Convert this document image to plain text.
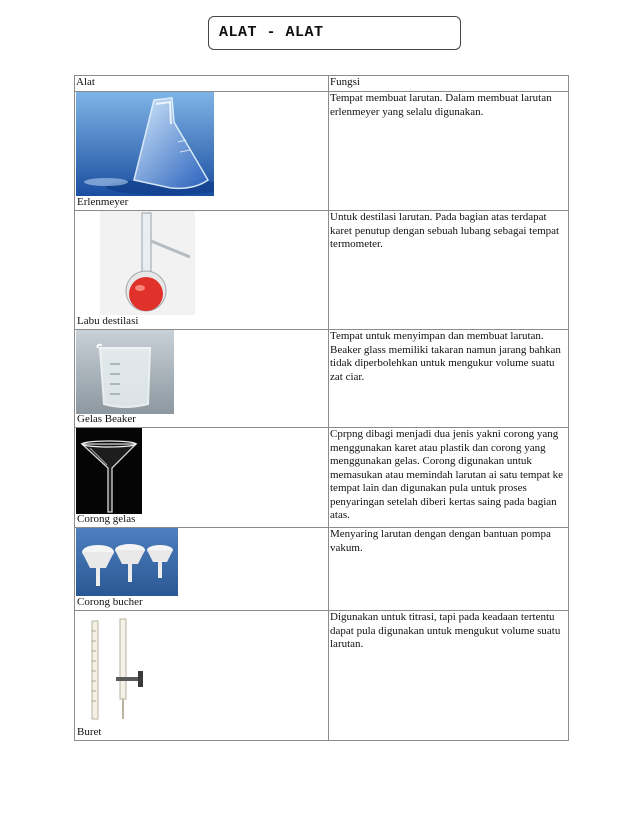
ALAT - ALAT
Alat	Fungsi

Erlenmeyer	Tempat membuat larutan. Dalam membuat larutan erlenmeyer yang selalu digunakan.

Labu destilasi	Untuk destilasi larutan. Pada bagian atas terdapat karet penutup dengan sebuah lubang sebagai tempat termometer.

Gelas Beaker	Tempat untuk menyimpan dan membuat larutan. Beaker glass memiliki takaran namun jarang bahkan tidak diperbolehkan untuk mengukur volume suatu zat ciar.

Corong gelas	Cprpng dibagi menjadi dua jenis yakni corong yang menggunakan karet atau plastik dan corong yang menggunakan gelas. Corong digunakan untuk memasukan atau memindah larutan ai satu tempat ke tempat lain dan digunakan pula untuk proses penyaringan setelah diberi kertas saing pada bagian atas.

Corong bucher	Menyaring larutan dengan dengan bantuan pompa vakum.

Buret	Digunakan untuk titrasi, tapi pada keadaan tertentu dapat pula digunakan untuk mengukut volume suatu larutan.
